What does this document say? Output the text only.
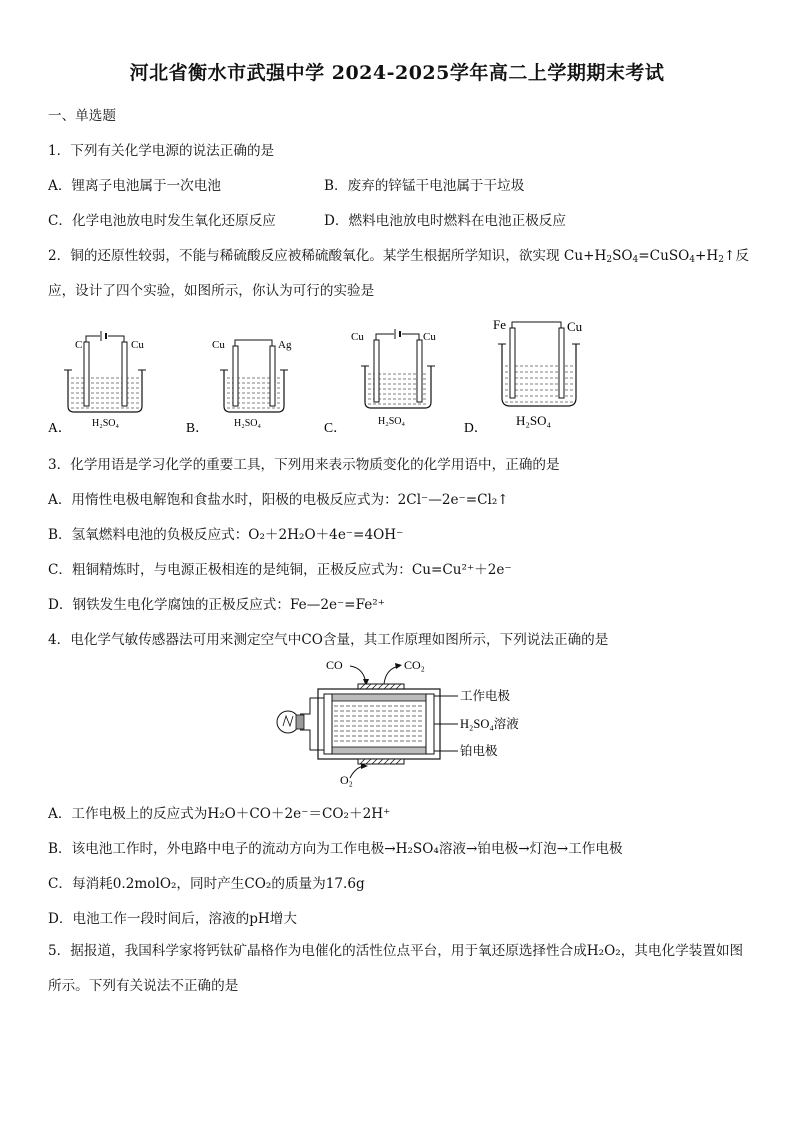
河北省衡水市武强中学 2024-2025学年高二上学期期末考试
一、单选题
1．下列有关化学电源的说法正确的是
A．锂离子电池属于一次电池	B．废弃的锌锰干电池属于干垃圾
C．化学电池放电时发生氧化还原反应	D．燃料电池放电时燃料在电池正极反应
2．铜的还原性较弱，不能与稀硫酸反应被稀硫酸氧化。某学生根据所学知识，欲实现 $Cu+H_2SO_4=CuSO_4+H_2↑$反
应，设计了四个实验，如图所示，你认为可行的实验是
A．
C	Cu
H₂SO₄	B．
Cu	Ag
H₂SO₄	C．
Cu	Cu
H₂SO₄	D．
Fe	Cu
H₂SO₄
3．化学用语是学习化学的重要工具，下列用来表示物质变化的化学用语中，正确的是
A．用惰性电极电解饱和食盐水时，阳极的电极反应式为：2Cl⁻—2e⁻=Cl₂↑
B．氢氧燃料电池的负极反应式：O₂＋2H₂O＋4e⁻=4OH⁻
C．粗铜精炼时，与电源正极相连的是纯铜，正极反应式为：Cu=Cu²⁺＋2e⁻
D．钢铁发生电化学腐蚀的正极反应式：Fe—2e⁻=Fe²⁺
4．电化学气敏传感器法可用来测定空气中CO含量，其工作原理如图所示，下列说法正确的是
CO	CO₂
O₂
工作电极
H₂SO₄溶液
铂电极
A．工作电极上的反应式为H₂O＋CO＋2e⁻＝CO₂＋2H⁺
B．该电池工作时，外电路中电子的流动方向为工作电极→H₂SO₄溶液→铂电极→灯泡→工作电极
C．每消耗0.2molO₂，同时产生CO₂的质量为17.6g
D．电池工作一段时间后，溶液的pH增大
5．据报道，我国科学家将钙钛矿晶格作为电催化的活性位点平台，用于氧还原选择性合成H₂O₂，其电化学装置如图所示。下列有关说法不正确的是
